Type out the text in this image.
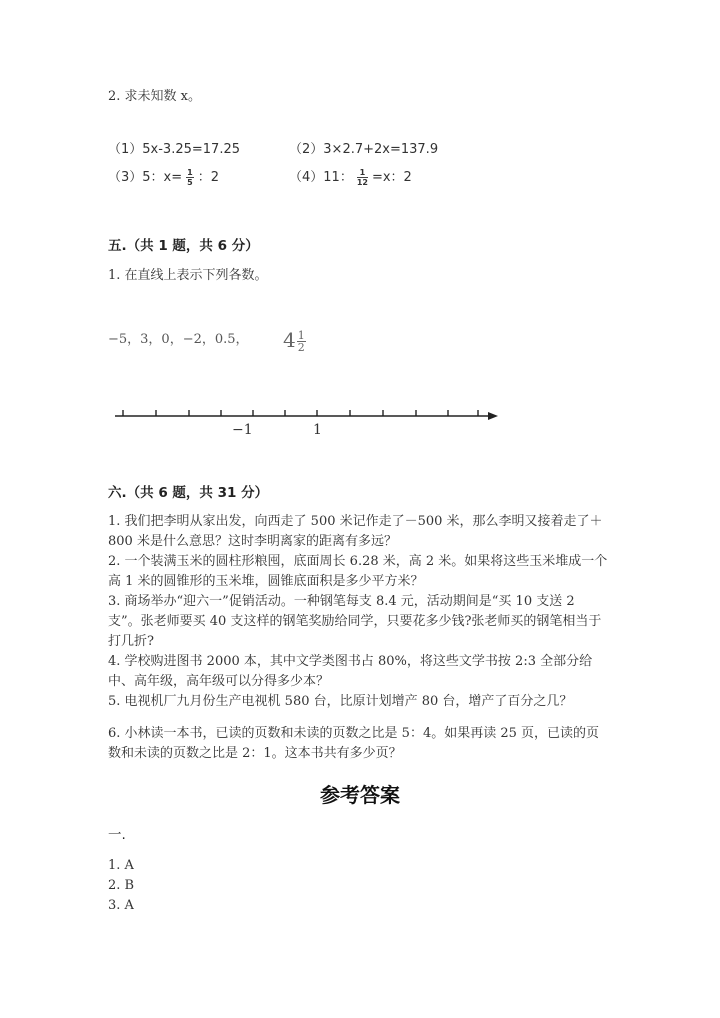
2. 求未知数 x。
（1）5x-3.25=17.25	（2）3×2.7+2x=137.9
（3）5：$x= \frac{1}{5}$ ：2	（4）11： $\frac{1}{12} =x$：2
五.（共 1 题，共 6 分）
1. 在直线上表示下列各数。
−5，3，0，−2，0.5， $4 \frac{1}{2}$
−1	1
六.（共 6 题，共 31 分）
1. 我们把李明从家出发，向西走了 500 米记作走了－500 米，那么李明又接着走了＋800 米是什么意思？这时李明离家的距离有多远？
2. 一个装满玉米的圆柱形粮囤，底面周长 6.28 米，高 2 米。如果将这些玉米堆成一个高 1 米的圆锥形的玉米堆，圆锥底面积是多少平方米？
3. 商场举办“迎六一”促销活动。一种钢笔每支 8.4 元，活动期间是“买 10 支送 2 支”。张老师要买 40 支这样的钢笔奖励给同学，只要花多少钱?张老师买的钢笔相当于打几折?
4. 学校购进图书 2000 本，其中文学类图书占 80%，将这些文学书按 2:3 全部分给中、高年级，高年级可以分得多少本？
5. 电视机厂九月份生产电视机 580 台，比原计划增产 80 台，增产了百分之几？
6. 小林读一本书，已读的页数和未读的页数之比是 5：4。如果再读 25 页，已读的页数和未读的页数之比是 2：1。这本书共有多少页？
参考答案
一.
1. A
2. B
3. A
